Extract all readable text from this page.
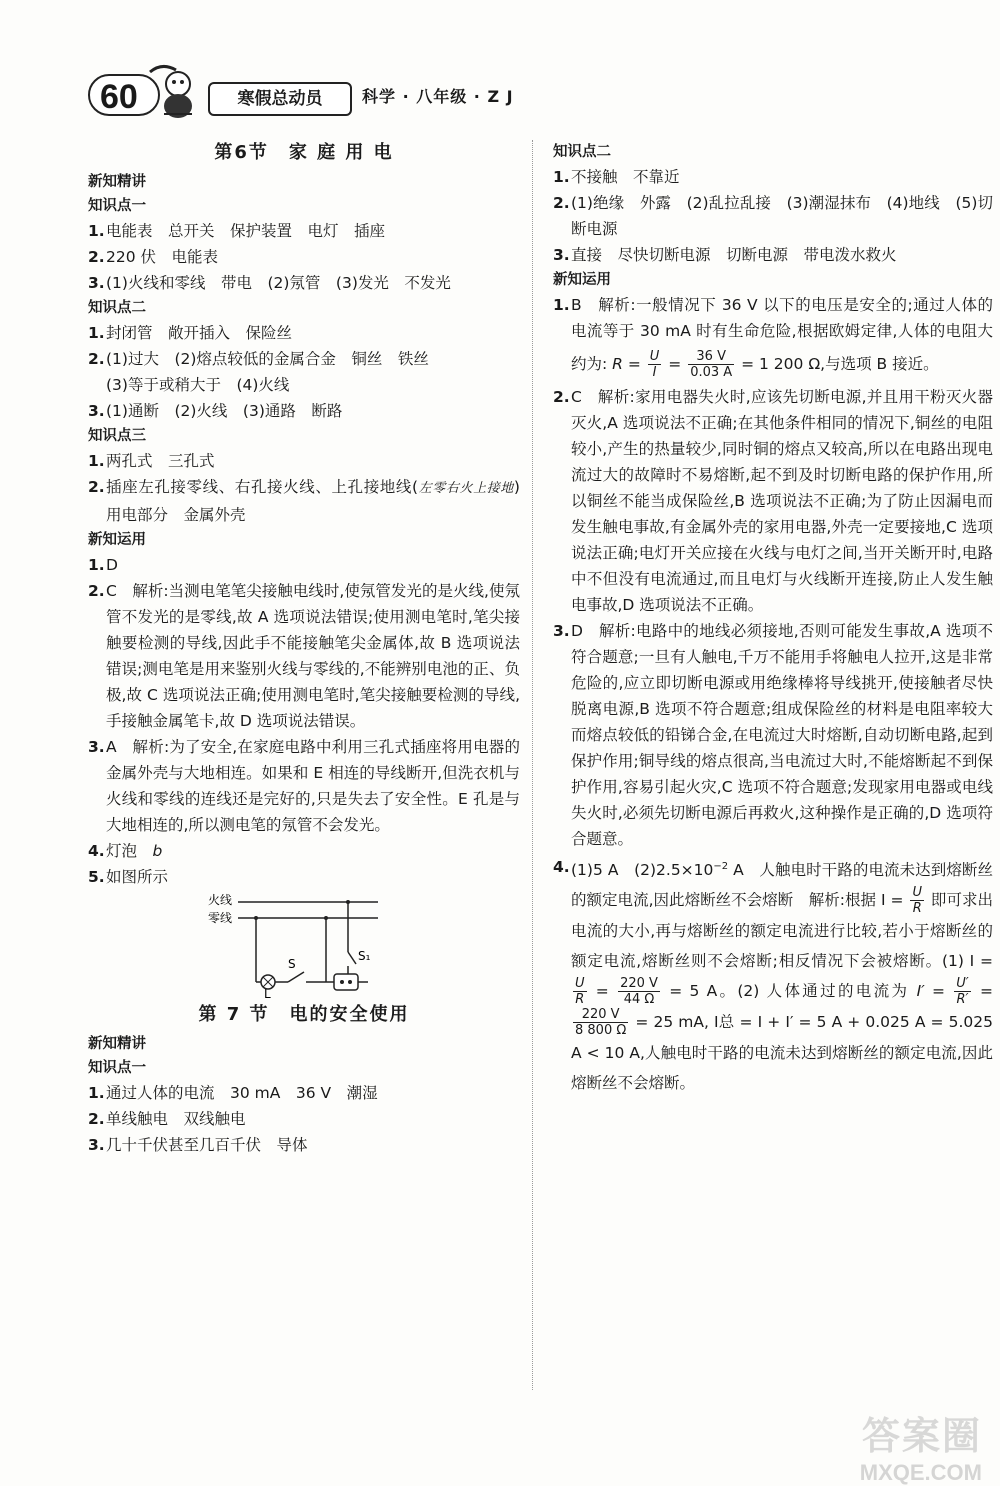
60	寒假总动员	科学 · 八年级 · Z J
第6节　家 庭 用 电
新知精讲
知识点一
1. 电能表　总开关　保护装置　电灯　插座
2. 220 伏　电能表
3. (1)火线和零线　带电　(2)氖管　(3)发光　不发光
知识点二
1. 封闭管　敞开插入　保险丝
2. (1)过大　(2)熔点较低的金属合金　铜丝　铁丝
(3)等于或稍大于　(4)火线
3. (1)通断　(2)火线　(3)通路　断路
知识点三
1. 两孔式　三孔式
2. 插座左孔接零线、右孔接火线、上孔接地线(左零右火上接地)　用电部分　金属外壳
新知运用
1. D
2. C　解析:当测电笔笔尖接触电线时,使氖管发光的是火线,使氖管不发光的是零线,故 A 选项说法错误;使用测电笔时,笔尖接触要检测的导线,因此手不能接触笔尖金属体,故 B 选项说法错误;测电笔是用来鉴别火线与零线的,不能辨别电池的正、负极,故 C 选项说法正确;使用测电笔时,笔尖接触要检测的导线,手接触金属笔卡,故 D 选项说法错误。
3. A　解析:为了安全,在家庭电路中利用三孔式插座将用电器的金属外壳与大地相连。如果和 E 相连的导线断开,但洗衣机与火线和零线的连线还是完好的,只是失去了安全性。E 孔是与大地相连的,所以测电笔的氖管不会发光。
4. 灯泡　b
5. 如图所示
火线
零线
S₁
S
L
第 7 节　电的安全使用
新知精讲
知识点一
1. 通过人体的电流　30 mA　36 V　潮湿
2. 单线触电　双线触电
3. 几十千伏甚至几百千伏　导体
知识点二
1. 不接触　不靠近
2. (1)绝缘　外露　(2)乱拉乱接　(3)潮湿抹布　(4)地线　(5)切断电源
3. 直接　尽快切断电源　切断电源　带电泼水救火
新知运用
1. B　解析:一般情况下 36 V 以下的电压是安全的;通过人体的电流等于 30 mA 时有生命危险,根据欧姆定律,人体的电阻大约为: $R = \frac{U}{I} = \frac{36 V}{0.03 A} = 1$ 200 Ω,与选项 B 接近。
2. C　解析:家用电器失火时,应该先切断电源,并且用干粉灭火器灭火,A 选项说法不正确;在其他条件相同的情况下,铜丝的电阻较小,产生的热量较少,同时铜的熔点又较高,所以在电路出现电流过大的故障时不易熔断,起不到及时切断电路的保护作用,所以铜丝不能当成保险丝,B 选项说法不正确;为了防止因漏电而发生触电事故,有金属外壳的家用电器,外壳一定要接地,C 选项说法正确;电灯开关应接在火线与电灯之间,当开关断开时,电路中不但没有电流通过,而且电灯与火线断开连接,防止人发生触电事故,D 选项说法不正确。
3. D　解析:电路中的地线必须接地,否则可能发生事故,A 选项不符合题意;一旦有人触电,千万不能用手将触电人拉开,这是非常危险的,应立即切断电源或用绝缘棒将导线挑开,使接触者尽快脱离电源,B 选项不符合题意;组成保险丝的材料是电阻率较大而熔点较低的铅锑合金,在电流过大时熔断,自动切断电路,起到保护作用;铜导线的熔点很高,当电流过大时,不能熔断起不到保护作用,容易引起火灾,C 选项不符合题意;发现家用电器或电线失火时,必须先切断电源后再救火,这种操作是正确的,D 选项符合题意。
4. (1)5 A　$(2)2.5\times 10^{-2}$ A　人触电时干路的电流未达到熔断丝的额定电流,因此熔断丝不会熔断　解析:根据 $I = \frac{U}{R}$ 即可求出电流的大小,再与熔断丝的额定电流进行比较,若小于熔断丝的额定电流,熔断丝则不会熔断;相反情况下会被熔断。(1) I =
$\frac{U}{R} = \frac{220 V}{44 \Omega} = 5$ A。(2) 人体通过的电流为 $I' = \frac{U'}{R'}$ =
$\frac{220 V}{8 800 \Omega} = 25$ mA, I总 = I + I′ = 5 A + 0.025 A = 5.025 A < 10 A,人触电时干路的电流未达到熔断丝的额定电流,因此熔断丝不会熔断。
答案圈
MXQE.COM
